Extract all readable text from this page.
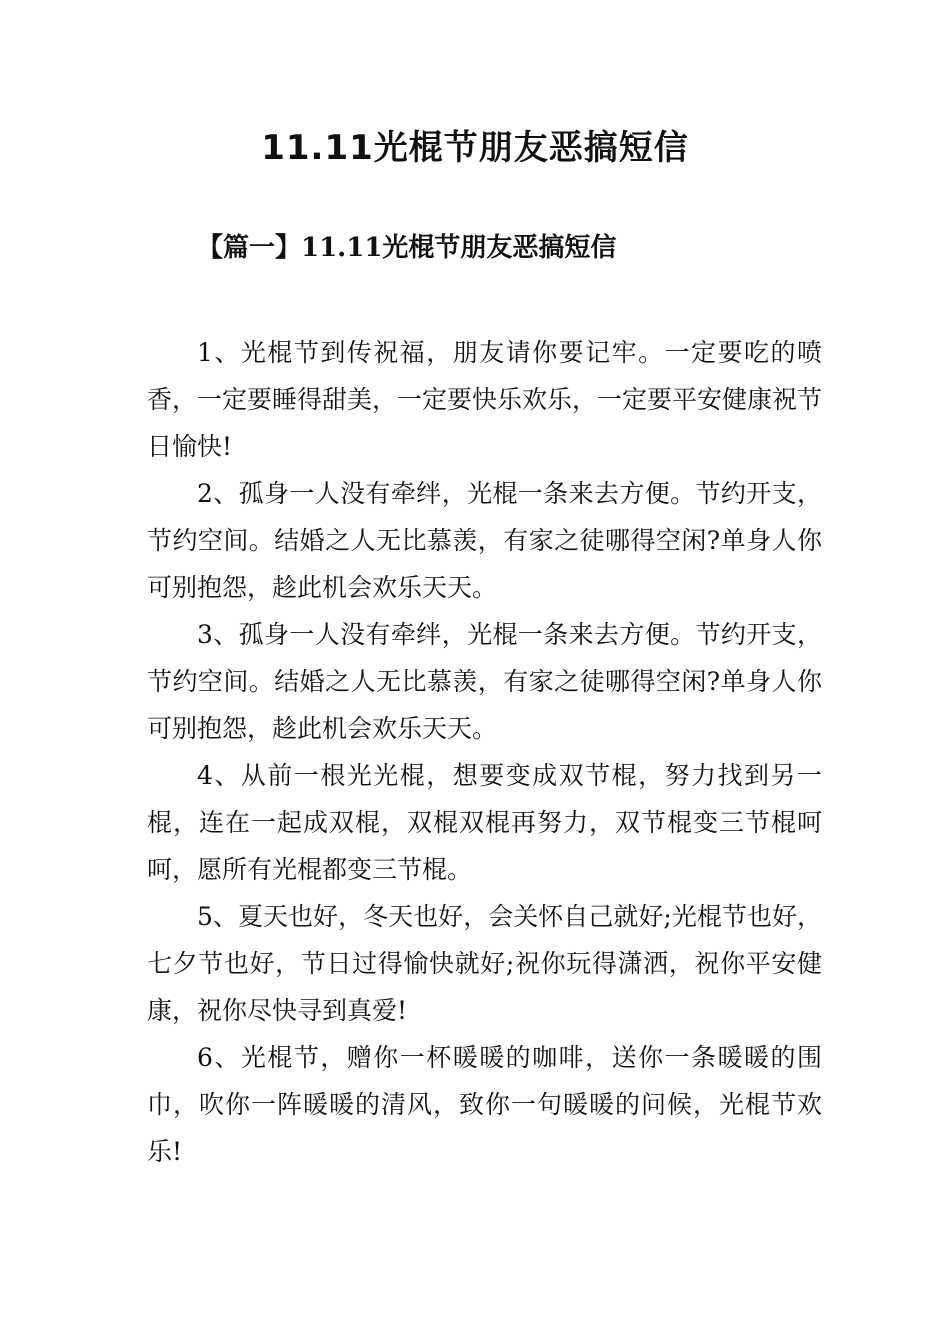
11.11光棍节朋友恶搞短信
【篇一】11.11光棍节朋友恶搞短信

1、光棍节到传祝福，朋友请你要记牢。一定要吃的喷香，一定要睡得甜美，一定要快乐欢乐，一定要平安健康祝节日愉快!

2、孤身一人没有牵绊，光棍一条来去方便。节约开支，节约空间。结婚之人无比慕羡，有家之徒哪得空闲?单身人你可别抱怨，趁此机会欢乐天天。

3、孤身一人没有牵绊，光棍一条来去方便。节约开支，节约空间。结婚之人无比慕羡，有家之徒哪得空闲?单身人你可别抱怨，趁此机会欢乐天天。

4、从前一根光光棍，想要变成双节棍，努力找到另一棍，连在一起成双棍，双棍双棍再努力，双节棍变三节棍呵呵，愿所有光棍都变三节棍。

5、夏天也好，冬天也好，会关怀自己就好;光棍节也好，七夕节也好，节日过得愉快就好;祝你玩得潇洒，祝你平安健康，祝你尽快寻到真爱!

6、光棍节，赠你一杯暖暖的咖啡，送你一条暖暖的围巾，吹你一阵暖暖的清风，致你一句暖暖的问候，光棍节欢乐!
